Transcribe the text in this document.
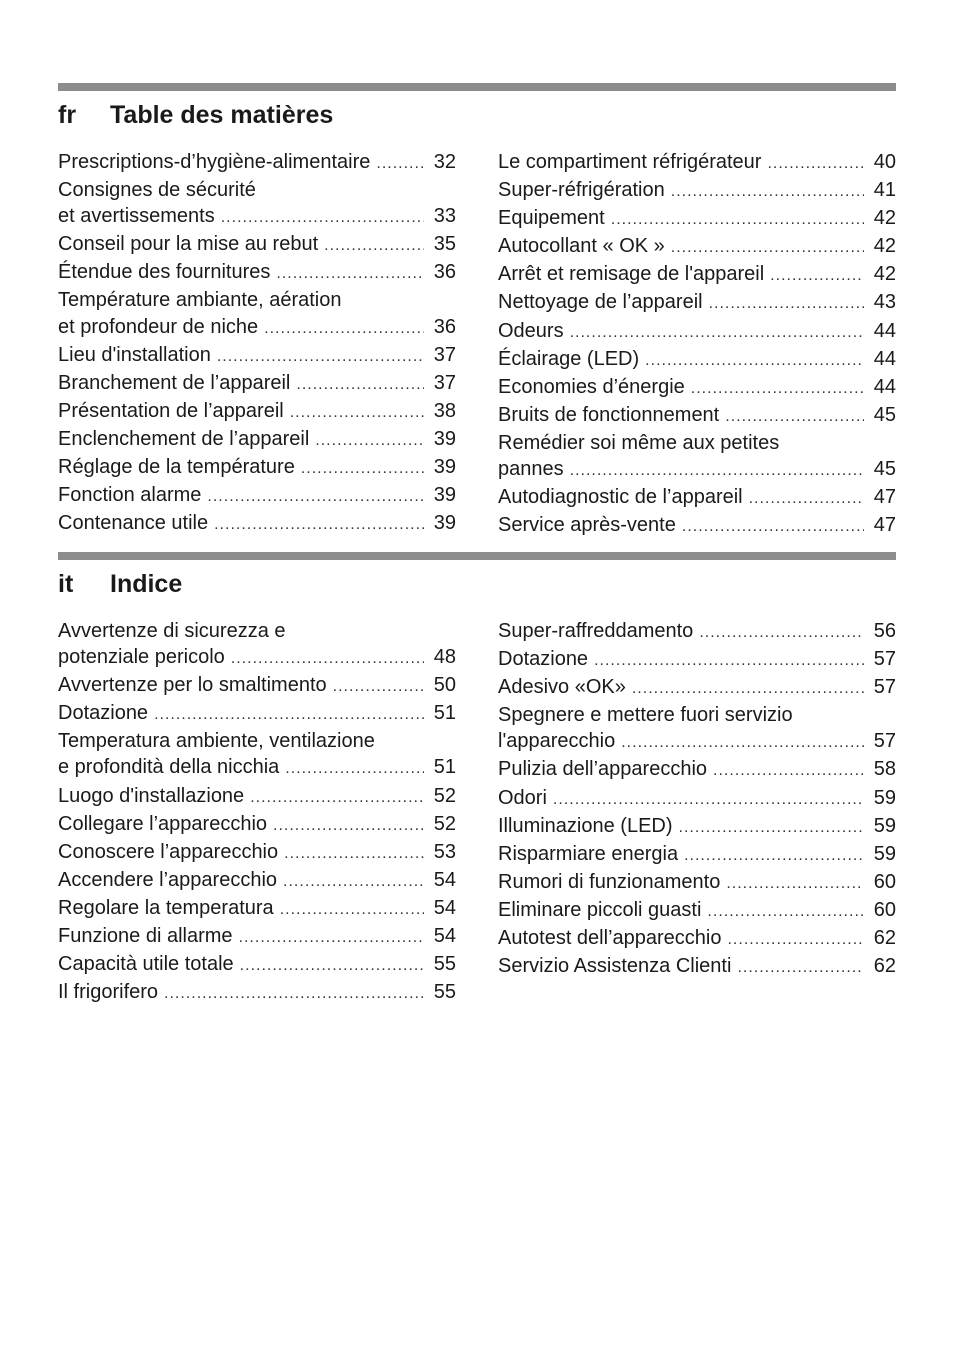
fr	Table des matières
Prescriptions-d’hygiène-alimentaire .....	32
Consignes de sécurité
et avertissements .....	33
Conseil pour la mise au rebut .....	35
Étendue des fournitures .....	36
Température ambiante, aération
et profondeur de niche .....	36
Lieu d'installation .....	37
Branchement de l’appareil .....	37
Présentation de l’appareil .....	38
Enclenchement de l’appareil .....	39
Réglage de la température .....	39
Fonction alarme .....	39
Contenance utile .....	39
Le compartiment réfrigérateur .....	40
Super-réfrigération .....	41
Equipement .....	42
Autocollant « OK » .....	42
Arrêt et remisage de l'appareil .....	42
Nettoyage de l’appareil .....	43
Odeurs .....	44
Éclairage (LED) .....	44
Economies d’énergie .....	44
Bruits de fonctionnement .....	45
Remédier soi même aux petites
pannes .....	45
Autodiagnostic de l’appareil .....	47
Service après-vente .....	47
it	Indice
Avvertenze di sicurezza e
potenziale pericolo .....	48
Avvertenze per lo smaltimento .....	50
Dotazione .....	51
Temperatura ambiente, ventilazione
e profondità della nicchia .....	51
Luogo d'installazione .....	52
Collegare l’apparecchio .....	52
Conoscere l’apparecchio .....	53
Accendere l’apparecchio .....	54
Regolare la temperatura .....	54
Funzione di allarme .....	54
Capacità utile totale .....	55
Il frigorifero .....	55
Super-raffreddamento .....	56
Dotazione .....	57
Adesivo «OK» .....	57
Spegnere e mettere fuori servizio
l'apparecchio .....	57
Pulizia dell’apparecchio .....	58
Odori .....	59
Illuminazione (LED) .....	59
Risparmiare energia .....	59
Rumori di funzionamento .....	60
Eliminare piccoli guasti .....	60
Autotest dell’apparecchio .....	62
Servizio Assistenza Clienti .....	62
